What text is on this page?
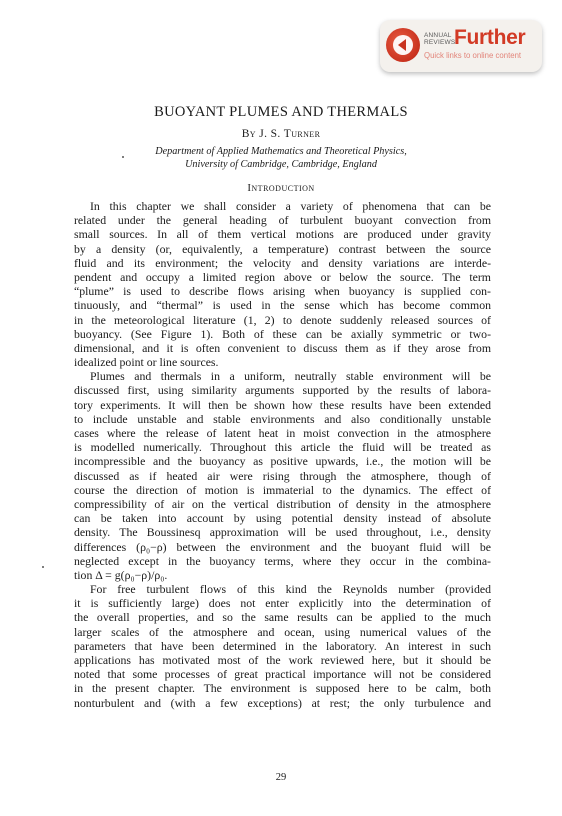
ANNUAL
REVIEWS
Further
Quick links to online content
BUOYANT PLUMES AND THERMALS
By J. S. Turner
Department of Applied Mathematics and Theoretical Physics,
University of Cambridge, Cambridge, England
Introduction
In this chapter we shall consider a variety of phenomena that can be
related under the general heading of turbulent buoyant convection from
small sources. In all of them vertical motions are produced under gravity
by a density (or, equivalently, a temperature) contrast between the source
fluid and its environment; the velocity and density variations are interde-
pendent and occupy a limited region above or below the source. The term
“plume” is used to describe flows arising when buoyancy is supplied con-
tinuously, and “thermal” is used in the sense which has become common
in the meteorological literature (1, 2) to denote suddenly released sources of
buoyancy. (See Figure 1). Both of these can be axially symmetric or two-
dimensional, and it is often convenient to discuss them as if they arose from
idealized point or line sources.
Plumes and thermals in a uniform, neutrally stable environment will be
discussed first, using similarity arguments supported by the results of labora-
tory experiments. It will then be shown how these results have been extended
to include unstable and stable environments and also conditionally unstable
cases where the release of latent heat in moist convection in the atmosphere
is modelled numerically. Throughout this article the fluid will be treated as
incompressible and the buoyancy as positive upwards, i.e., the motion will be
discussed as if heated air were rising through the atmosphere, though of
course the direction of motion is immaterial to the dynamics. The effect of
compressibility of air on the vertical distribution of density in the atmosphere
can be taken into account by using potential density instead of absolute
density. The Boussinesq approximation will be used throughout, i.e., density
differences (ρ₀−ρ) between the environment and the buoyant fluid will be
neglected except in the buoyancy terms, where they occur in the combina-
tion Δ = g(ρ₀−ρ)/ρ₀.
For free turbulent flows of this kind the Reynolds number (provided
it is sufficiently large) does not enter explicitly into the determination of
the overall properties, and so the same results can be applied to the much
larger scales of the atmosphere and ocean, using numerical values of the
parameters that have been determined in the laboratory. An interest in such
applications has motivated most of the work reviewed here, but it should be
noted that some processes of great practical importance will not be considered
in the present chapter. The environment is supposed here to be calm, both
nonturbulent and (with a few exceptions) at rest; the only turbulence and
29
